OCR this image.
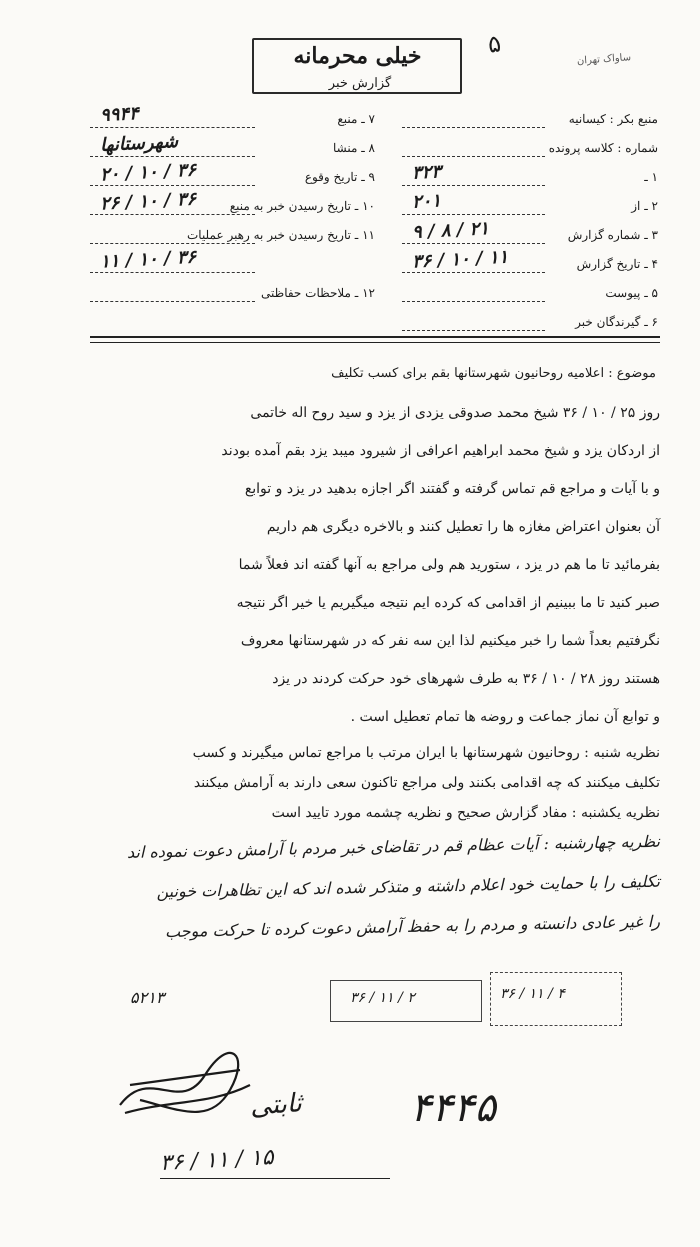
ساواک تهران
۵
خیلی محرمانه
گزارش خبر
منبع بکر : کیسانیه
شماره : کلاسه پرونده
۱ ـ
۳۲۳
۲ ـ از
۲۰۱
۳ ـ شماره گزارش
۹ / ۸ / ۲۱
۴ ـ تاریخ گزارش
۳۶ / ۱۰ / ۱۱
۵ ـ پیوست
۶ ـ گیرندگان خبر
۷ ـ منبع
۹۹۴۴
۸ ـ منشا
شهرستانها
۹ ـ تاریخ وقوع
۲۰ / ۱۰ / ۳۶
۱۰ ـ تاریخ رسیدن خبر به منبع
۲۶ / ۱۰ / ۳۶
۱۱ ـ تاریخ رسیدن خبر به رهبر عملیات
۱۱ / ۱۰ / ۳۶
۱۲ ـ ملاحظات حفاظتی
موضوع : اعلامیه روحانیون شهرستانها بقم برای کسب تکلیف
روز ۲۵ / ۱۰ / ۳۶ شیخ محمد صدوقی یزدی از یزد و سید روح اله خاتمی
از اردکان یزد و شیخ محمد ابراهیم اعرافی از شیرود میبد یزد بقم آمده بودند
و با آیات و مراجع قم تماس گرفته و گفتند اگر اجازه بدهید در یزد و توابع
آن بعنوان اعتراض مغازه ها را تعطیل کنند و بالاخره دیگری هم داریم
بفرمائید تا ما هم در یزد ، ستورید هم ولی مراجع به آنها گفته اند فعلاً شما
صبر کنید تا ما ببینیم از اقدامی که کرده ایم نتیجه میگیریم یا خیر اگر نتیجه
نگرفتیم بعداً شما را خبر میکنیم لذا این سه نفر که در شهرستانها معروف
هستند روز ۲۸ / ۱۰ / ۳۶ به طرف شهرهای خود حرکت کردند در یزد
و توابع آن نماز جماعت و روضه ها تمام تعطیل است .
نظریه شنبه : روحانیون شهرستانها با ایران مرتب با مراجع تماس میگیرند و کسب
تکلیف میکنند که چه اقدامی بکنند ولی مراجع تاکنون سعی دارند به آرامش میکنند
نظریه یکشنبه : مفاد گزارش صحیح و نظریه چشمه مورد تایید است
نظریه چهارشنبه : آیات عظام قم در تقاضای خبر مردم با آرامش دعوت نموده اند
تکلیف را با حمایت خود اعلام داشته و متذکر شده اند که این تظاهرات خونین
را غیر عادی دانسته و مردم را به حفظ آرامش دعوت کرده تا حرکت موجب
۳۶ / ۱۱ / ۴
۳۶ / ۱۱ / ۲
۵۲۱۳
ثابتی	۴۴۴۵
۳۶ / ۱۱ / ۱۵
